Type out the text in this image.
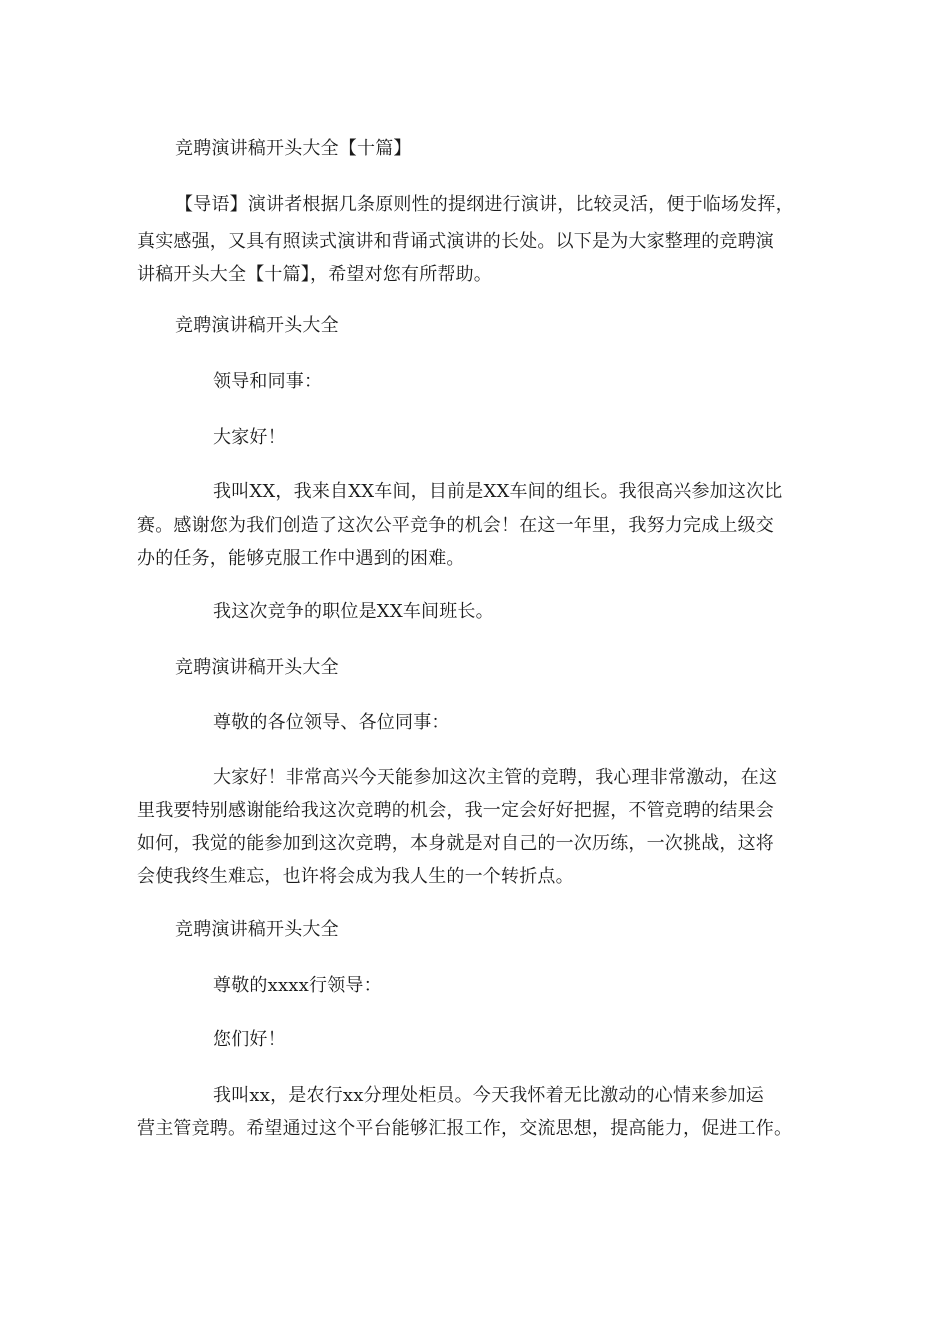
竞聘演讲稿开头大全【十篇】
【导语】演讲者根据几条原则性的提纲进行演讲，比较灵活，便于临场发挥，
真实感强，又具有照读式演讲和背诵式演讲的长处。以下是为大家整理的竞聘演
讲稿开头大全【十篇】，希望对您有所帮助。
竞聘演讲稿开头大全
领导和同事：
大家好！
我叫XX，我来自XX车间，目前是XX车间的组长。我很高兴参加这次比
赛。感谢您为我们创造了这次公平竞争的机会！在这一年里，我努力完成上级交
办的任务，能够克服工作中遇到的困难。
我这次竞争的职位是XX车间班长。
竞聘演讲稿开头大全
尊敬的各位领导、各位同事：
大家好！非常高兴今天能参加这次主管的竞聘，我心理非常激动，在这
里我要特别感谢能给我这次竞聘的机会，我一定会好好把握，不管竞聘的结果会
如何，我觉的能参加到这次竞聘，本身就是对自己的一次历练，一次挑战，这将
会使我终生难忘，也许将会成为我人生的一个转折点。
竞聘演讲稿开头大全
尊敬的xxxx行领导：
您们好！
我叫xx，是农行xx分理处柜员。今天我怀着无比激动的心情来参加运
营主管竞聘。希望通过这个平台能够汇报工作，交流思想，提高能力，促进工作。
